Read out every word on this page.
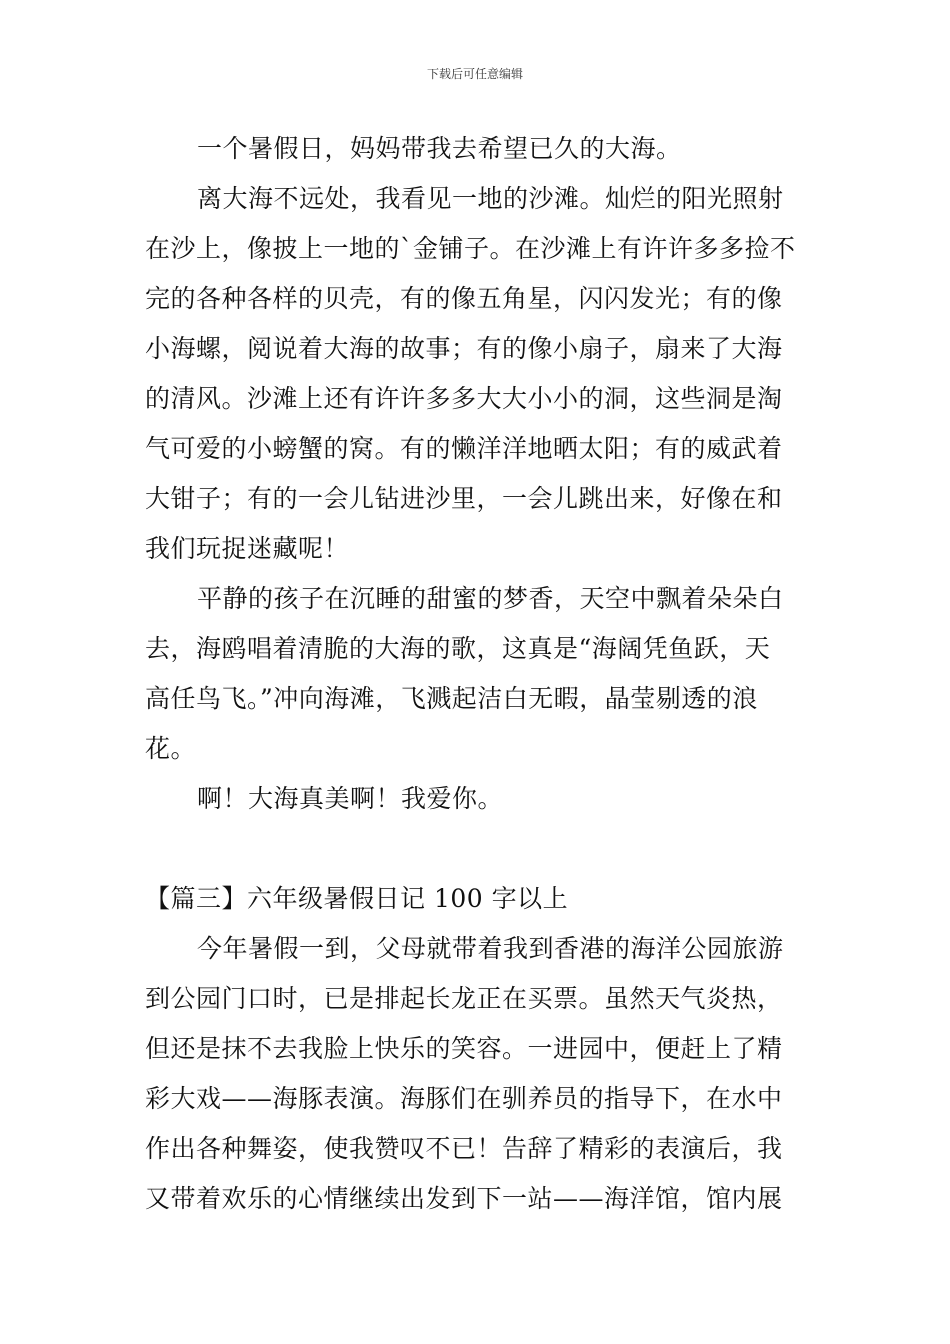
下载后可任意编辑

一个暑假日，妈妈带我去希望已久的大海。

离大海不远处，我看见一地的沙滩。灿烂的阳光照射
在沙上，像披上一地的`金铺子。在沙滩上有许许多多捡不
完的各种各样的贝壳，有的像五角星，闪闪发光；有的像
小海螺，阅说着大海的故事；有的像小扇子，扇来了大海
的清风。沙滩上还有许许多多大大小小的洞，这些洞是淘
气可爱的小螃蟹的窝。有的懒洋洋地晒太阳；有的威武着
大钳子；有的一会儿钻进沙里，一会儿跳出来，好像在和
我们玩捉迷藏呢！

平静的孩子在沉睡的甜蜜的梦香，天空中飘着朵朵白
去，海鸥唱着清脆的大海的歌，这真是“海阔凭鱼跃，天
高任鸟飞。”冲向海滩，飞溅起洁白无暇，晶莹剔透的浪
花。

啊！大海真美啊！我爱你。

【篇三】六年级暑假日记 100 字以上

今年暑假一到，父母就带着我到香港的海洋公园旅游
到公园门口时，已是排起长龙正在买票。虽然天气炎热，
但还是抹不去我脸上快乐的笑容。一进园中，便赶上了精
彩大戏——海豚表演。海豚们在驯养员的指导下，在水中
作出各种舞姿，使我赞叹不已！告辞了精彩的表演后，我
又带着欢乐的心情继续出发到下一站——海洋馆，馆内展
